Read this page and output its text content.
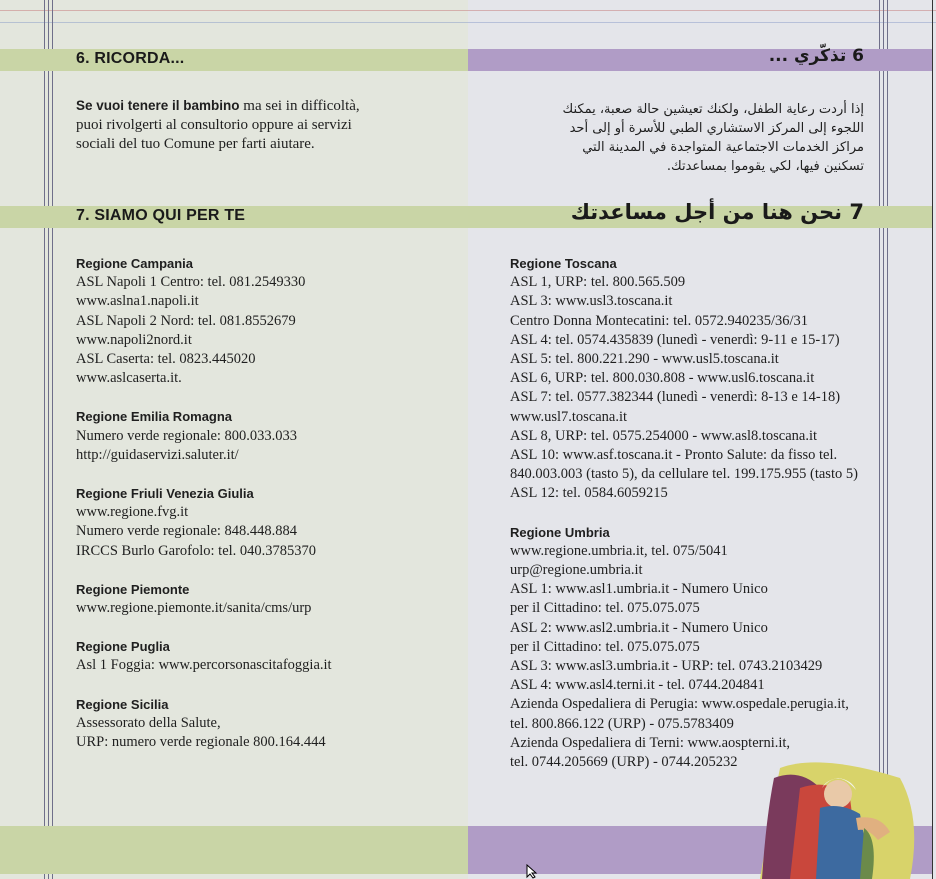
6. RICORDA...	6 تذكّري ...
Se vuoi tenere il bambino ma sei in difficoltà,
puoi rivolgerti al consultorio oppure ai servizi
sociali del tuo Comune per farti aiutare.
إذا أردت رعاية الطفل، ولكنك تعيشين حالة صعبة، يمكنك
اللجوء إلى المركز الاستشاري الطبي للأسرة أو إلى أحد
مراكز الخدمات الاجتماعية المتواجدة في المدينة التي
تسكنين فيها، لكي يقوموا بمساعدتك.
7. SIAMO QUI PER TE	7 نحن هنا من أجل مساعدتك
Regione Campania
ASL Napoli 1 Centro: tel. 081.2549330
www.aslna1.napoli.it
ASL Napoli 2 Nord: tel. 081.8552679
www.napoli2nord.it
ASL Caserta: tel. 0823.445020
www.aslcaserta.it.
Regione Emilia Romagna
Numero verde regionale: 800.033.033
http://guidaservizi.saluter.it/
Regione Friuli Venezia Giulia
www.regione.fvg.it
Numero verde regionale: 848.448.884
IRCCS Burlo Garofolo: tel. 040.3785370
Regione Piemonte
www.regione.piemonte.it/sanita/cms/urp
Regione Puglia
Asl 1 Foggia: www.percorsonascitafoggia.it
Regione Sicilia
Assessorato della Salute,
URP: numero verde regionale 800.164.444
Regione Toscana
ASL 1, URP: tel. 800.565.509
ASL 3: www.usl3.toscana.it
Centro Donna Montecatini: tel. 0572.940235/36/31
ASL 4: tel. 0574.435839 (lunedì - venerdì: 9-11 e 15-17)
ASL 5: tel. 800.221.290 - www.usl5.toscana.it
ASL 6, URP: tel. 800.030.808 - www.usl6.toscana.it
ASL 7: tel. 0577.382344 (lunedì - venerdì: 8-13 e 14-18)
www.usl7.toscana.it
ASL 8, URP: tel. 0575.254000 - www.asl8.toscana.it
ASL 10: www.asf.toscana.it - Pronto Salute: da fisso tel.
840.003.003 (tasto 5), da cellulare tel. 199.175.955 (tasto 5)
ASL 12: tel. 0584.6059215
Regione Umbria
www.regione.umbria.it, tel. 075/5041
urp@regione.umbria.it
ASL 1: www.asl1.umbria.it - Numero Unico
per il Cittadino: tel. 075.075.075
ASL 2: www.asl2.umbria.it - Numero Unico
per il Cittadino: tel. 075.075.075
ASL 3: www.asl3.umbria.it - URP: tel. 0743.2103429
ASL 4: www.asl4.terni.it - tel. 0744.204841
Azienda Ospedaliera di Perugia: www.ospedale.perugia.it,
tel. 800.866.122 (URP) - 075.5783409
Azienda Ospedaliera di Terni: www.aospterni.it,
tel. 0744.205669 (URP) - 0744.205232
